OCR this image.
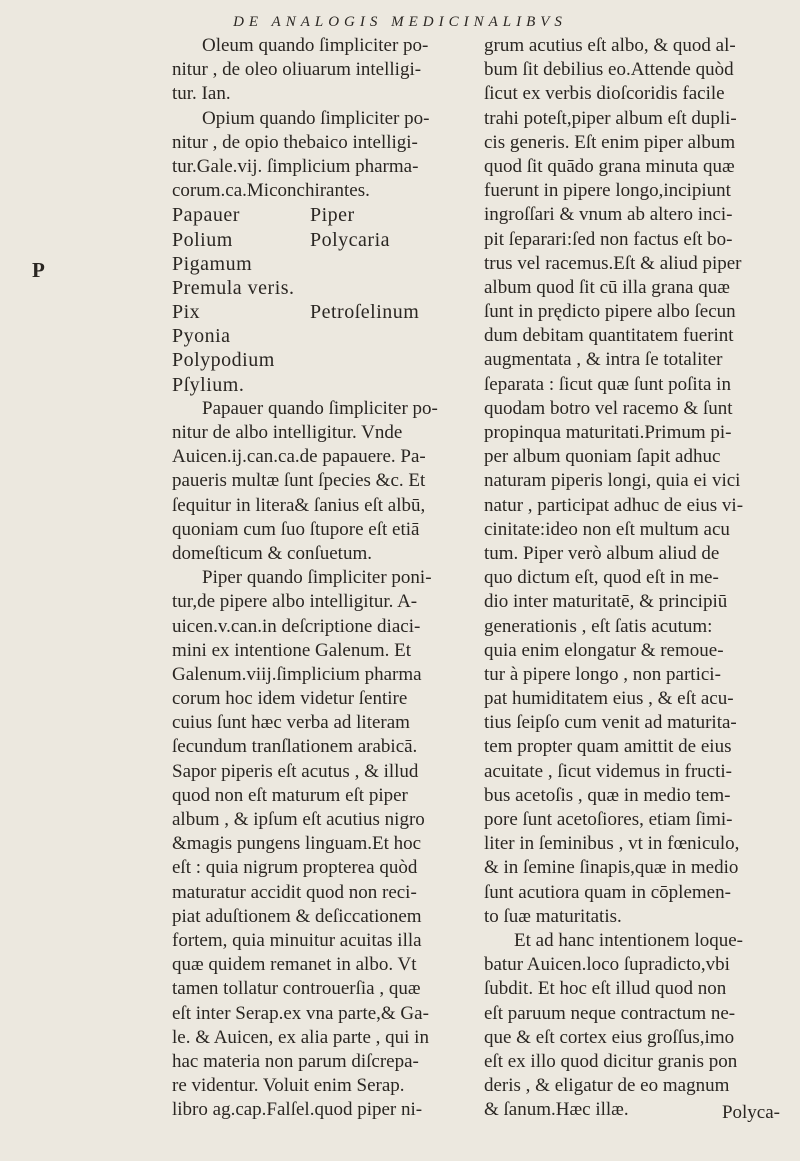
DE ANALOGIS MEDICINALIBVS
P
Oleum quando ſimpliciter po-
nitur , de oleo oliuarum intelligi-
tur. Ian.
Opium quando ſimpliciter po-
nitur , de opio thebaico intelligi-
tur.Gale.vij. ſimplicium pharma-
corum.ca.Miconchirantes.
Papauer	Piper
Polium	Polycaria
Pigamum
Premula veris.
Pix	Petroſelinum
Pyonia
Polypodium
Pſylium.
Papauer quando ſimpliciter po-
nitur de albo intelligitur. Vnde
Auicen.ij.can.ca.de papauere. Pa-
paueris multæ ſunt ſpecies &c. Et
ſequitur in litera& ſanius eſt albū,
quoniam cum ſuo ſtupore eſt etiā
domeſticum & conſuetum.
Piper quando ſimpliciter poni-
tur,de pipere albo intelligitur. A-
uicen.v.can.in deſcriptione diaci-
mini ex intentione Galenum. Et
Galenum.viij.ſimplicium pharma
corum hoc idem videtur ſentire
cuius ſunt hæc verba ad literam
ſecundum tranſlationem arabicā.
Sapor piperis eſt acutus , & illud
quod non eſt maturum eſt piper
album , & ipſum eſt acutius nigro
&magis pungens linguam.Et hoc
eſt : quia nigrum propterea quòd
maturatur accidit quod non reci-
piat aduſtionem & deſiccationem
fortem, quia minuitur acuitas illa
quæ quidem remanet in albo. Vt
tamen tollatur controuerſia , quæ
eſt inter Serap.ex vna parte,& Ga-
le. & Auicen, ex alia parte , qui in
hac materia non parum diſcrepa-
re videntur. Voluit enim Serap.
libro ag.cap.Falſel.quod piper ni-
grum acutius eſt albo, & quod al-
bum ſit debilius eo.Attende quòd
ſicut ex verbis dioſcoridis facile
trahi poteſt,piper album eſt dupli-
cis generis. Eſt enim piper album
quod ſit quādo grana minuta quæ
fuerunt in pipere longo,incipiunt
ingroſſari & vnum ab altero inci-
pit ſeparari:ſed non factus eſt bo-
trus vel racemus.Eſt & aliud piper
album quod ſit cū illa grana quæ
ſunt in prędicto pipere albo ſecun
dum debitam quantitatem fuerint
augmentata , & intra ſe totaliter
ſeparata : ſicut quæ ſunt poſita in
quodam botro vel racemo & ſunt
propinqua maturitati.Primum pi-
per album quoniam ſapit adhuc
naturam piperis longi, quia ei vici
natur , participat adhuc de eius vi-
cinitate:ideo non eſt multum acu
tum. Piper verò album aliud de
quo dictum eſt, quod eſt in me-
dio inter maturitatē, & principiū
generationis , eſt ſatis acutum:
quia enim elongatur & remoue-
tur à pipere longo , non partici-
pat humiditatem eius , & eſt acu-
tius ſeipſo cum venit ad maturita-
tem propter quam amittit de eius
acuitate , ſicut videmus in fructi-
bus acetoſis , quæ in medio tem-
pore ſunt acetoſiores, etiam ſimi-
liter in ſeminibus , vt in fœniculo,
& in ſemine ſinapis,quæ in medio
ſunt acutiora quam in cōplemen-
to ſuæ maturitatis.
Et ad hanc intentionem loque-
batur Auicen.loco ſupradicto,vbi
ſubdit. Et hoc eſt illud quod non
eſt paruum neque contractum ne-
que & eſt cortex eius groſſus,imo
eſt ex illo quod dicitur granis pon
deris , & eligatur de eo magnum
& ſanum.Hæc illæ.	Polyca-
